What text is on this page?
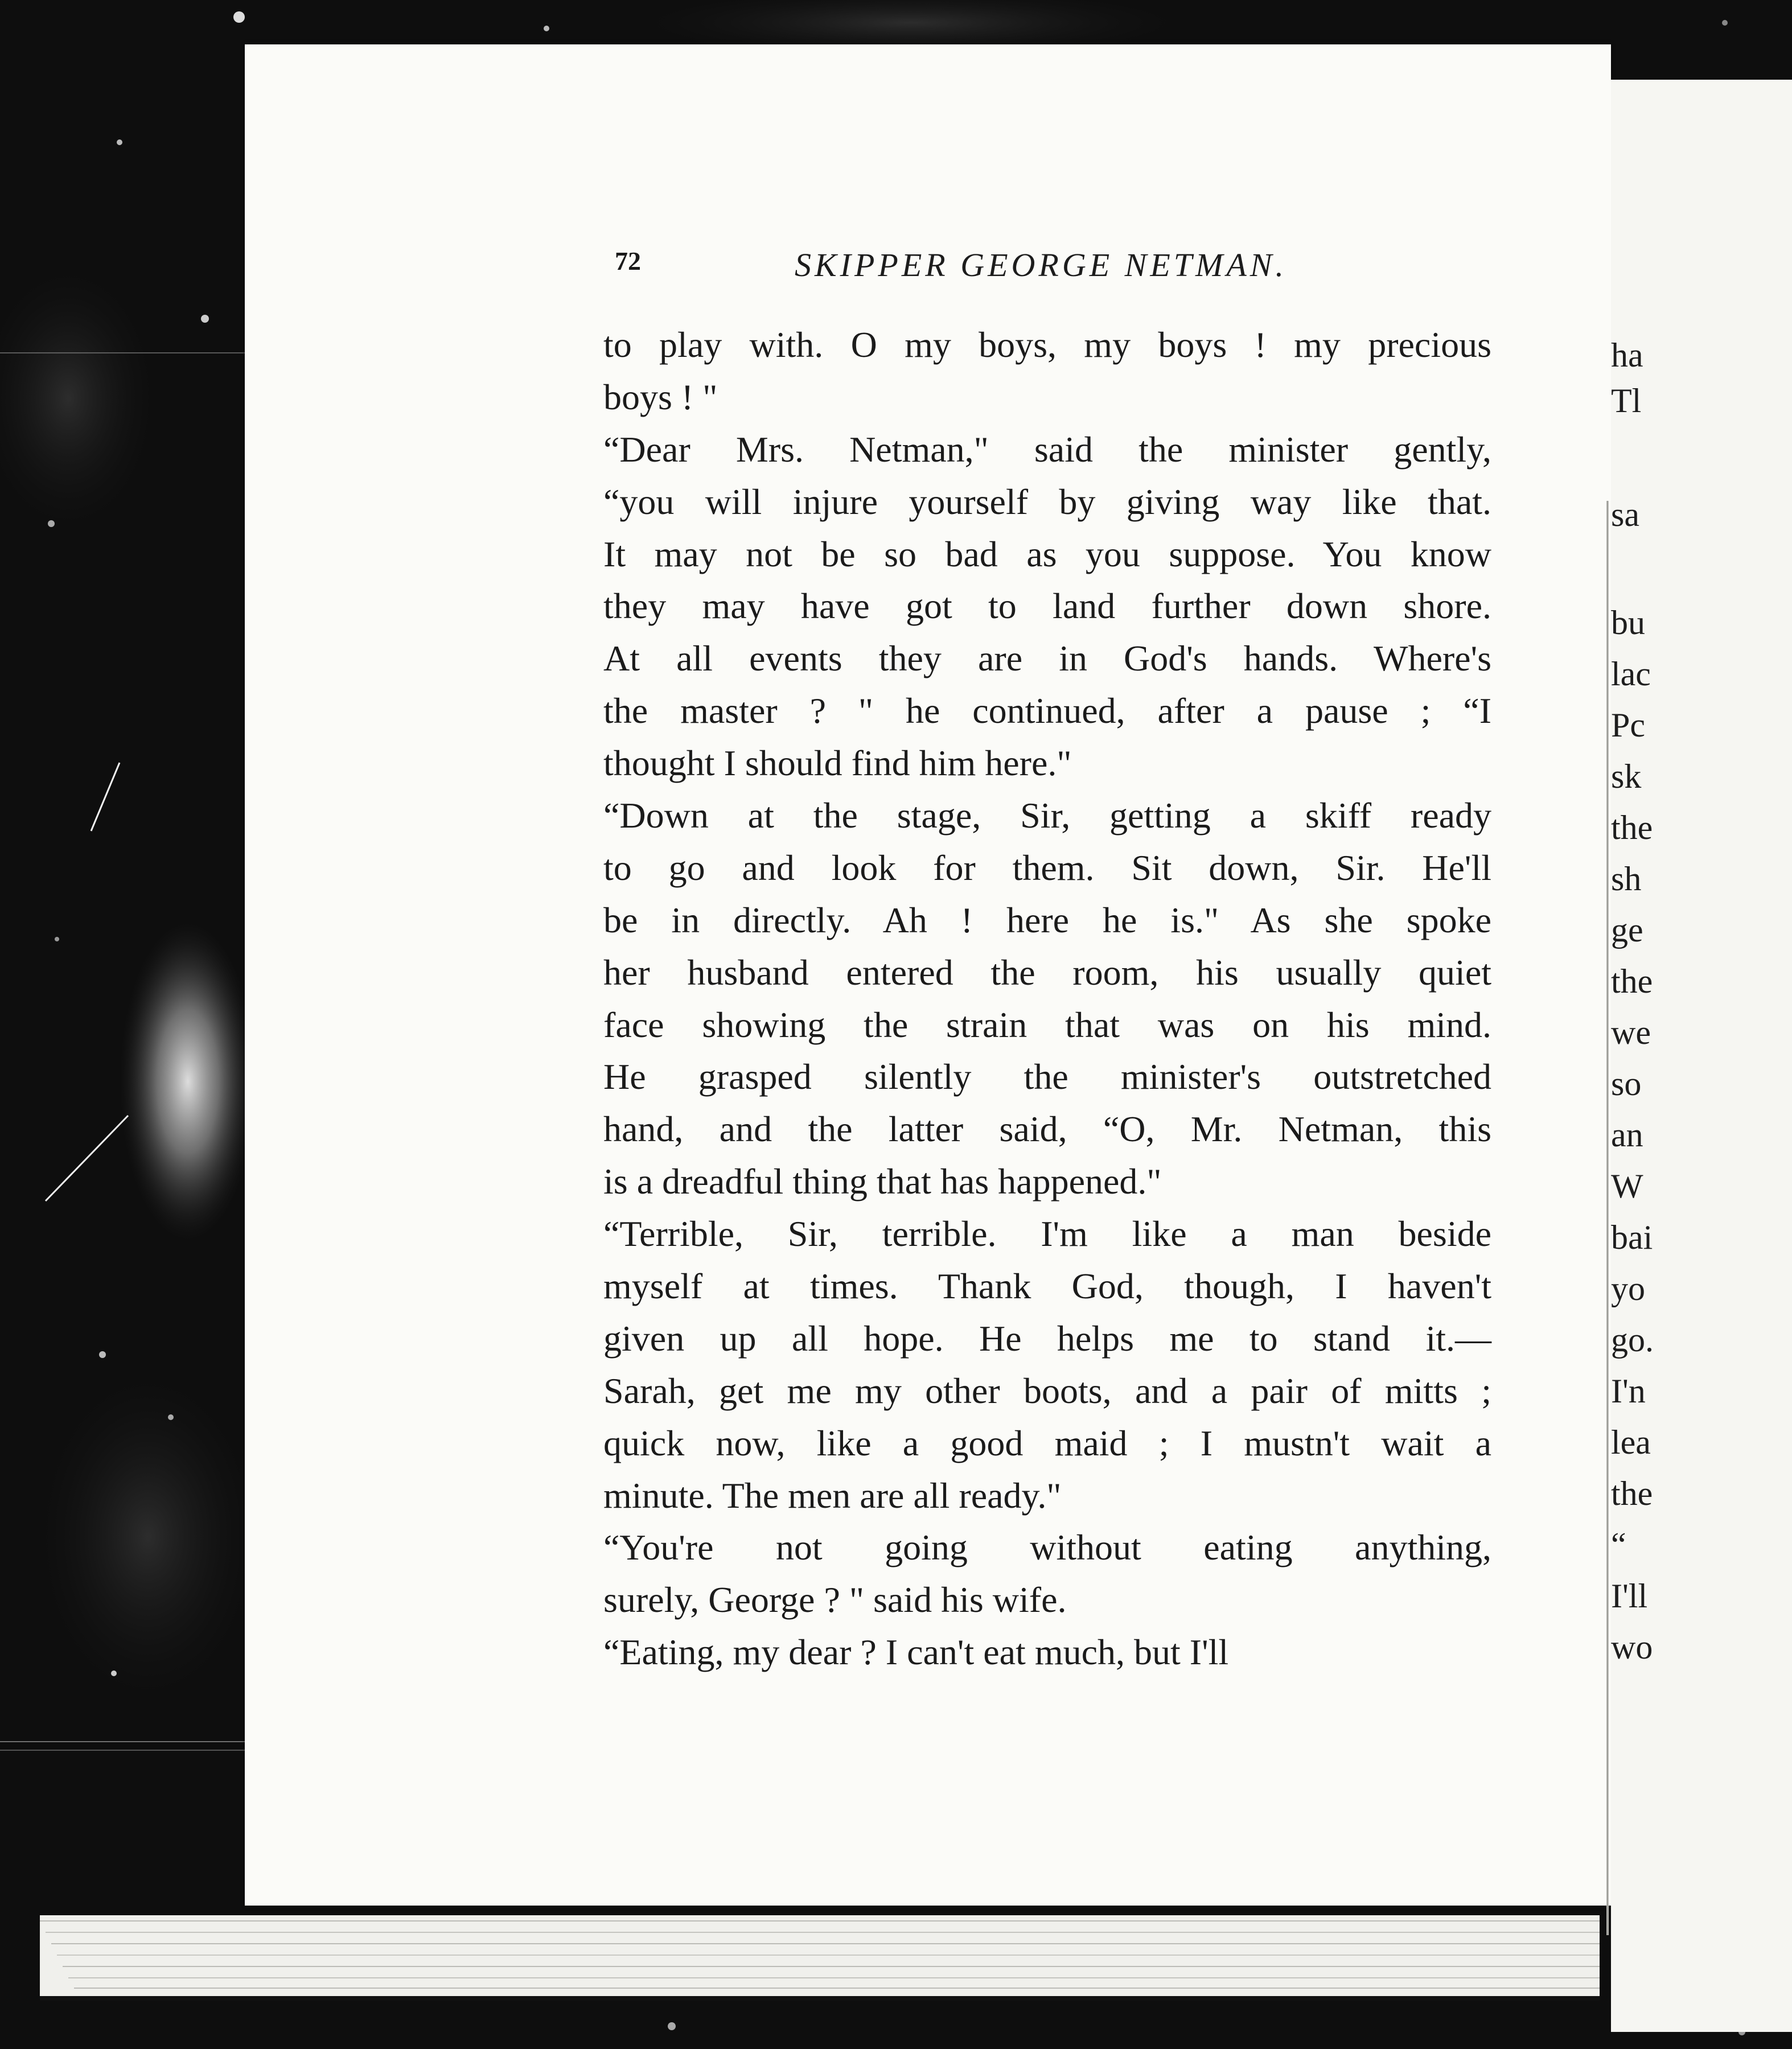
72	SKIPPER GEORGE NETMAN.
to play with. O my boys, my boys ! my precious
boys ! "
“Dear Mrs. Netman," said the minister gently,
“you will injure yourself by giving way like that.
It may not be so bad as you suppose. You know
they may have got to land further down shore.
At all events they are in God's hands. Where's
the master ? " he continued, after a pause ; “I
thought I should find him here."
“Down at the stage, Sir, getting a skiff ready
to go and look for them. Sit down, Sir. He'll
be in directly. Ah ! here he is." As she spoke
her husband entered the room, his usually quiet
face showing the strain that was on his mind.
He grasped silently the minister's outstretched
hand, and the latter said, “O, Mr. Netman, this
is a dreadful thing that has happened."
“Terrible, Sir, terrible. I'm like a man beside
myself at times. Thank God, though, I haven't
given up all hope. He helps me to stand it.—
Sarah, get me my other boots, and a pair of mitts ;
quick now, like a good maid ; I mustn't wait a
minute. The men are all ready."
“You're not going without eating anything,
surely, George ? " said his wife.
“Eating, my dear ? I can't eat much, but I'll
ha
Tl
sa
bu
lac
Pc
sk
the
sh
ge
the
we
so
an
W
bai
yo
go.
I'n
lea
the
“
I'll
wo
